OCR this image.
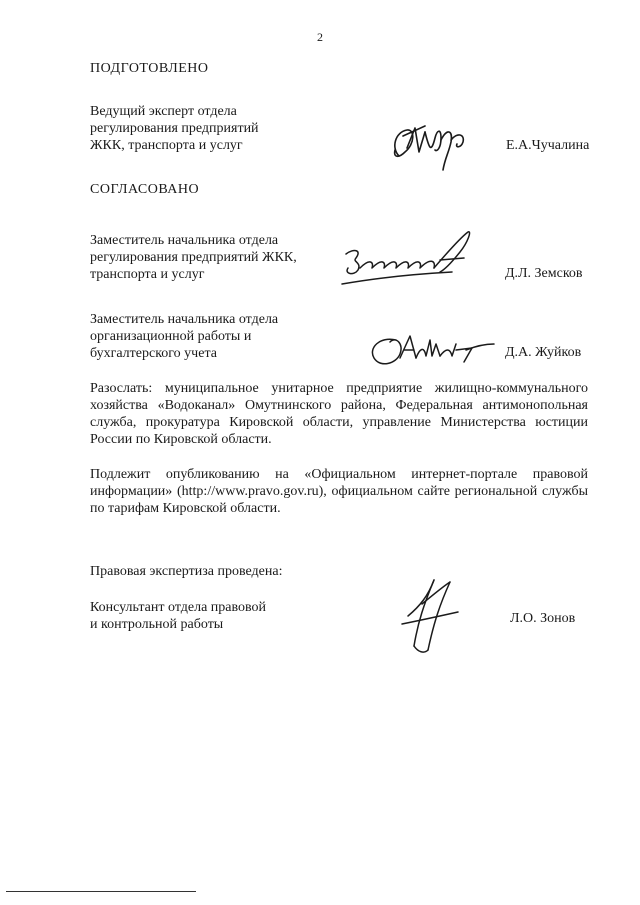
2
ПОДГОТОВЛЕНО
Ведущий эксперт отдела
регулирования предприятий
ЖКК, транспорта и услуг	Е.А.Чучалина
СОГЛАСОВАНО
Заместитель начальника отдела
регулирования предприятий ЖКК,
транспорта и услуг	Д.Л. Земсков
Заместитель начальника отдела
организационной работы и
бухгалтерского учета	Д.А. Жуйков
Разослать: муниципальное унитарное предприятие жилищно-коммунального хозяйства «Водоканал» Омутнинского района, Федеральная антимонопольная служба, прокуратура Кировской области, управление Министерства юстиции России по Кировской области.
Подлежит опубликованию на «Официальном интернет-портале правовой информации» (http://www.pravo.gov.ru), официальном сайте региональной службы по тарифам Кировской области.
Правовая экспертиза проведена:
Консультант отдела правовой
и контрольной работы	Л.О. Зонов
